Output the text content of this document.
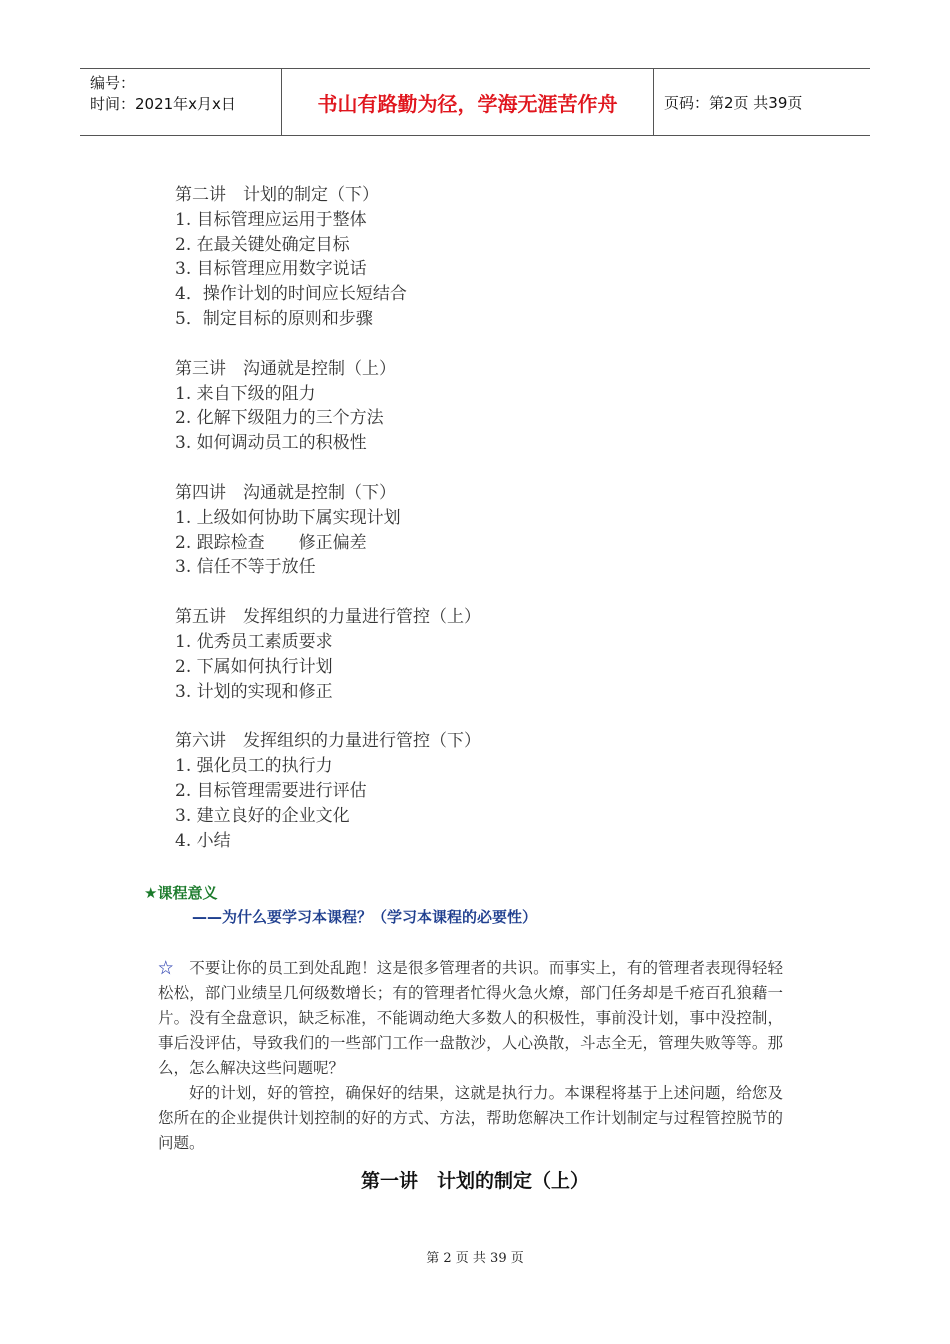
编号：
时间：2021年x月x日	书山有路勤为径，学海无涯苦作舟	页码：第2页 共39页
第二讲　计划的制定（下）
1. 目标管理应运用于整体
2. 在最关键处确定目标
3. 目标管理应用数字说话
4．操作计划的时间应长短结合
5．制定目标的原则和步骤
第三讲　沟通就是控制（上）
1. 来自下级的阻力
2. 化解下级阻力的三个方法
3. 如何调动员工的积极性
第四讲　沟通就是控制（下）
1. 上级如何协助下属实现计划
2. 跟踪检查　　修正偏差
3. 信任不等于放任
第五讲　发挥组织的力量进行管控（上）
1. 优秀员工素质要求
2. 下属如何执行计划
3. 计划的实现和修正
第六讲　发挥组织的力量进行管控（下）
1. 强化员工的执行力
2. 目标管理需要进行评估
3. 建立良好的企业文化
4. 小结
★课程意义
——为什么要学习本课程？（学习本课程的必要性）

☆  不要让你的员工到处乱跑！这是很多管理者的共识。而事实上，有的管理者表现得轻轻松松，部门业绩呈几何级数增长；有的管理者忙得火急火燎，部门任务却是千疮百孔狼藉一片。没有全盘意识，缺乏标准，不能调动绝大多数人的积极性，事前没计划，事中没控制，事后没评估，导致我们的一些部门工作一盘散沙，人心涣散，斗志全无，管理失败等等。那么，怎么解决这些问题呢？

好的计划，好的管控，确保好的结果，这就是执行力。本课程将基于上述问题，给您及您所在的企业提供计划控制的好的方式、方法，帮助您解决工作计划制定与过程管控脱节的问题。

第一讲　计划的制定（上）
第 2 页 共 39 页
